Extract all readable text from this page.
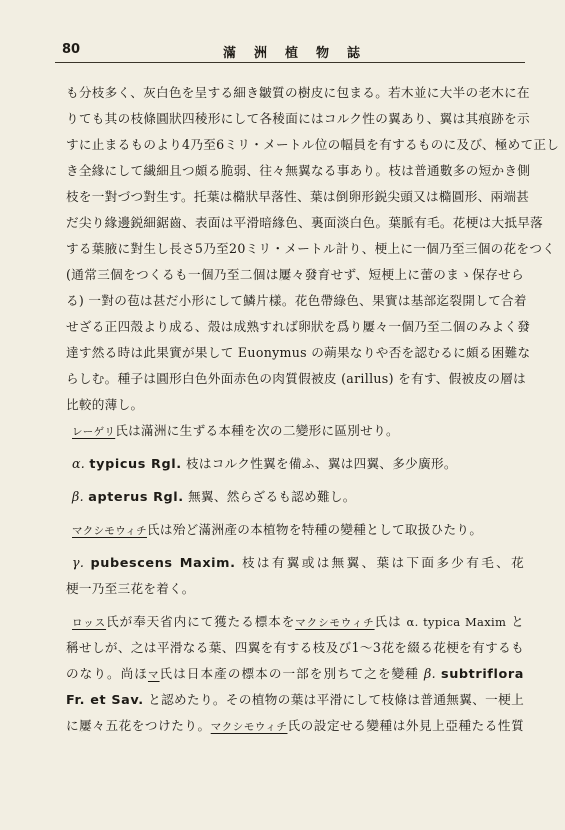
80	滿洲植物誌
も分枝多く、灰白色を呈する細き皺質の樹皮に包まる。若木並に大半の老木に在
りても其の枝條圓狀四稜形にして各稜面にはコルク性の翼あり、翼は其痕跡を示
すに止まるものより4乃至6ミリ・メートル位の幅員を有するものに及び、極めて正し
き全緣にして繊細且つ頗る脆弱、往々無翼なる事あり。枝は普通數多の短かき側
枝を一對づつ對生す。托葉は橢狀早落性、葉は倒卵形鋭尖頭又は橢圓形、兩端甚
だ尖り緣邊鋭細鋸齒、表面は平滑暗緣色、裏面淡白色。葉脈有毛。花梗は大抵早落
する葉腋に對生し長さ5乃至20ミリ・メートル計り、梗上に一個乃至三個の花をつく
(通常三個をつくるも一個乃至二個は屢々發育せず、短梗上に蕾のまゝ保存せら
る) 一對の苞は甚だ小形にして鱗片樣。花色帶綠色、果實は基部迄裂開して合着
せざる正四殼より成る、殼は成熟すれば卵狀を爲り屢々一個乃至二個のみよく發
達す然る時は此果實が果して Euonymus の蒴果なりや否を認むるに頗る困難な
らしむ。種子は圓形白色外面赤色の肉質假被皮 (arillus) を有す、假被皮の層は
比較的薄し。
レーゲリ氏は滿洲に生ずる本種を次の二變形に區別せり。
α. typicus Rgl. 枝はコルク性翼を備ふ、翼は四翼、多少廣形。
β. apterus Rgl. 無翼、然らざるも認め難し。
マクシモウィチ氏は殆ど滿洲產の本植物を特種の變種として取扱ひたり。
γ. pubescens Maxim. 枝は有翼或は無翼、葉は下面多少有毛、花
梗一乃至三花を着く。
ロッス氏が奉天省内にて獲たる標本をマクシモウィチ氏は α. typica Maxim と
稱せしが、之は平滑なる葉、四翼を有する枝及び1～3花を綴る花梗を有するも
のなり。尚ほマ氏は日本產の標本の一部を別ちて之を變種 β. subtriflora
Fr. et Sav. と認めたり。その植物の葉は平滑にして枝條は普通無翼、一梗上
に屢々五花をつけたり。マクシモウィチ氏の設定せる變種は外見上亞種たる性質
